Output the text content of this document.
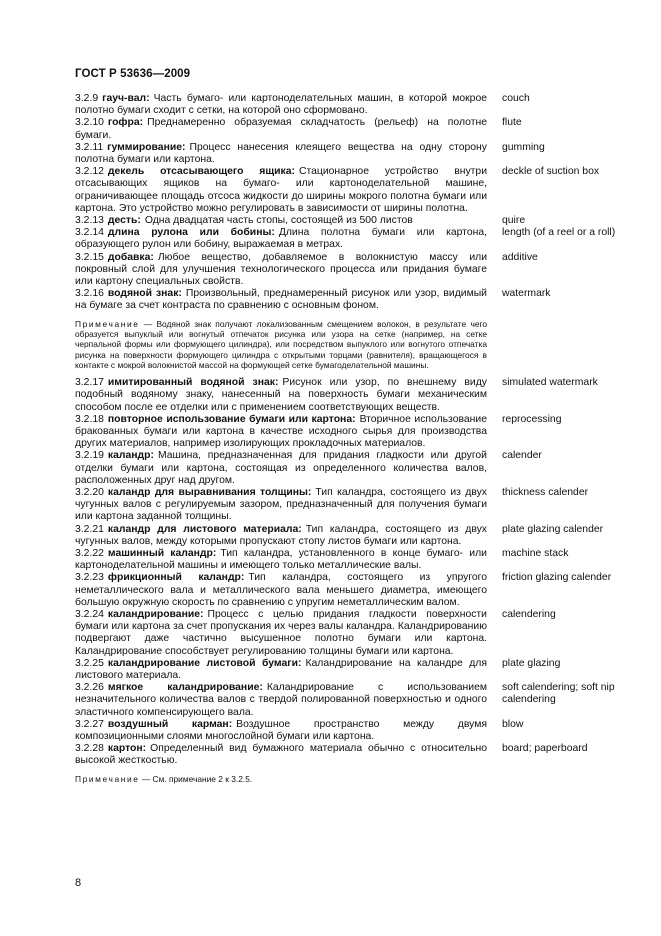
ГОСТ Р 53636—2009
3.2.9 гауч-вал: Часть бумаго- или картоноделательных машин, в которой мокрое полотно бумаги сходит с сетки, на которой оно сформовано.
couch
3.2.10 гофра: Преднамеренно образуемая складчатость (рельеф) на полотне бумаги.
flute
3.2.11 гуммирование: Процесс нанесения клеящего вещества на одну сторону полотна бумаги или картона.
gumming
3.2.12 декель отсасывающего ящика: Стационарное устройство внутри отсасывающих ящиков на бумаго- или картоноделательной машине, ограничивающее площадь отсоса жидкости до ширины мокрого полотна бумаги или картона. Это устройство можно регулировать в зависимости от ширины полотна.
deckle of suction box
3.2.13 десть: Одна двадцатая часть стопы, состоящей из 500 листов	quire
3.2.14 длина рулона или бобины: Длина полотна бумаги или картона, образующего рулон или бобину, выражаемая в метрах.
length (of a reel or a roll)
3.2.15 добавка: Любое вещество, добавляемое в волокнистую массу или покровный слой для улучшения технологического процесса или придания бумаге или картону специальных свойств.
additive
3.2.16 водяной знак: Произвольный, преднамеренный рисунок или узор, видимый на бумаге за счет контраста по сравнению с основным фоном.
watermark
Примечание — Водяной знак получают локализованным смещением волокон, в результате чего образуется выпуклый или вогнутый отпечаток рисунка или узора на сетке (например, на сетке черпальной формы или формующего цилиндра), или посредством выпуклого или вогнутого отпечатка рисунка на поверхности формующего цилиндра с открытыми торцами (равнителя), вращающегося в контакте с мокрой волокнистой массой на формующей сетке бумагоделательной машины.
3.2.17 имитированный водяной знак: Рисунок или узор, по внешнему виду подобный водяному знаку, нанесенный на поверхность бумаги механическим способом после ее отделки или с применением соответствующих веществ.
simulated watermark
3.2.18 повторное использование бумаги или картона: Вторичное использование бракованных бумаги или картона в качестве исходного сырья для производства других материалов, например изолирующих прокладочных материалов.
reprocessing
3.2.19 каландр: Машина, предназначенная для придания гладкости или другой отделки бумаги или картона, состоящая из определенного количества валов, расположенных друг над другом.
calender
3.2.20 каландр для выравнивания толщины: Тип каландра, состоящего из двух чугунных валов с регулируемым зазором, предназначенный для получения бумаги или картона заданной толщины.
thickness calender
3.2.21 каландр для листового материала: Тип каландра, состоящего из двух чугунных валов, между которыми пропускают стопу листов бумаги или картона.
plate glazing calender
3.2.22 машинный каландр: Тип каландра, установленного в конце бумаго- или картоноделательной машины и имеющего только металлические валы.
machine stack
3.2.23 фрикционный каландр: Тип каландра, состоящего из упругого неметаллического вала и металлического вала меньшего диаметра, имеющего большую окружную скорость по сравнению с упругим неметаллическим валом.
friction glazing calender
3.2.24 каландрирование: Процесс с целью придания гладкости поверхности бумаги или картона за счет пропускания их через валы каландра. Каландрированию подвергают даже частично высушенное полотно бумаги или картона. Каландрирование способствует регулированию толщины бумаги или картона.
calendering
3.2.25 каландрирование листовой бумаги: Каландрирование на каландре для листового материала.
plate glazing
3.2.26 мягкое каландрирование: Каландрирование с использованием незначительного количества валов с твердой полированной поверхностью и одного эластичного компенсирующего вала.
soft calendering; soft nip calendering
3.2.27 воздушный карман: Воздушное пространство между двумя композиционными слоями многослойной бумаги или картона.
blow
3.2.28 картон: Определенный вид бумажного материала обычно с относительно высокой жесткостью.
board; paperboard
Примечание — См. примечание 2 к 3.2.5.
8
